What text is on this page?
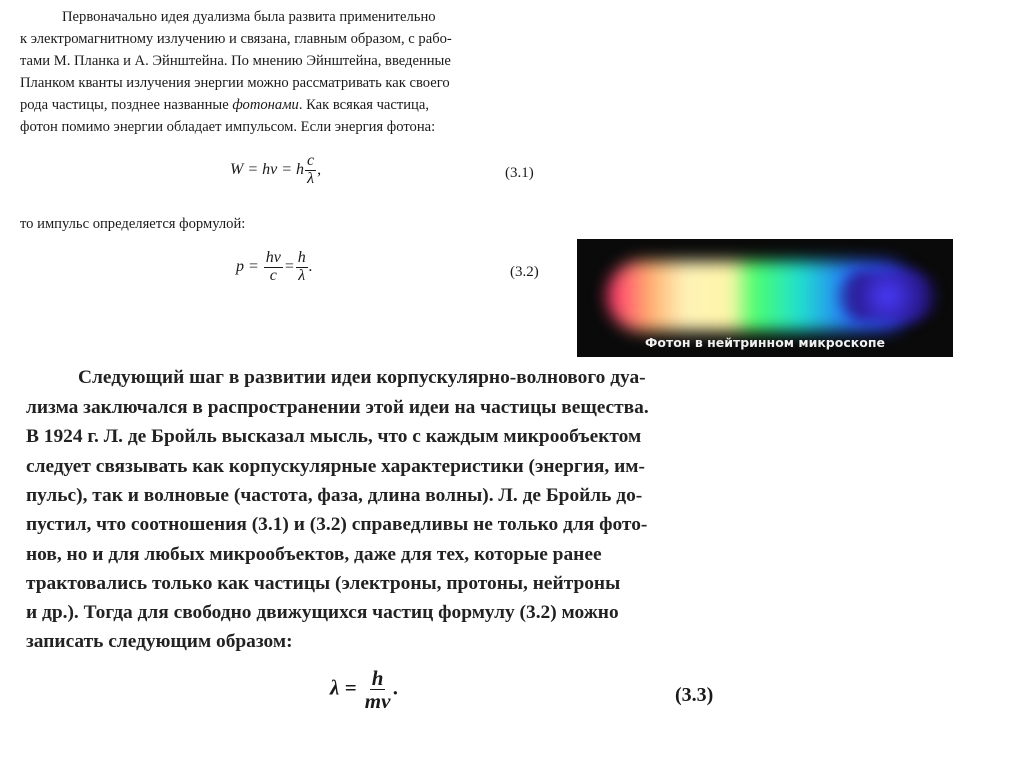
Первоначально идея дуализма была развита применительно
к электромагнитному излучению и связана, главным образом, с рабо-
тами М. Планка и А. Эйнштейна. По мнению Эйнштейна, введенные
Планком кванты излучения энергии можно рассматривать как своего
рода частицы, позднее названные фотонами. Как всякая частица,
фотон помимо энергии обладает импульсом. Если энергия фотона:
W = hν = h $\frac{c}{\lambda}$ ,	(3.1)
то импульс определяется формулой:
$p = \frac{h\nu}{c} = \frac{h}{\lambda}$ .	(3.2)
Фотон в нейтринном микроскопе
Следующий шаг в развитии идеи корпускулярно-волнового дуа-
лизма заключался в распространении этой идеи на частицы вещества.
В 1924 г. Л. де Бройль высказал мысль, что с каждым микрообъектом
следует связывать как корпускулярные характеристики (энергия, им-
пульс), так и волновые (частота, фаза, длина волны). Л. де Бройль до-
пустил, что соотношения (3.1) и (3.2) справедливы не только для фото-
нов, но и для любых микрообъектов, даже для тех, которые ранее
трактовались только как частицы (электроны, протоны, нейтроны
и др.). Тогда для свободно движущихся частиц формулу (3.2) можно
записать следующим образом:
$\lambda = \frac{h}{m\nu}$ .	(3.3)
